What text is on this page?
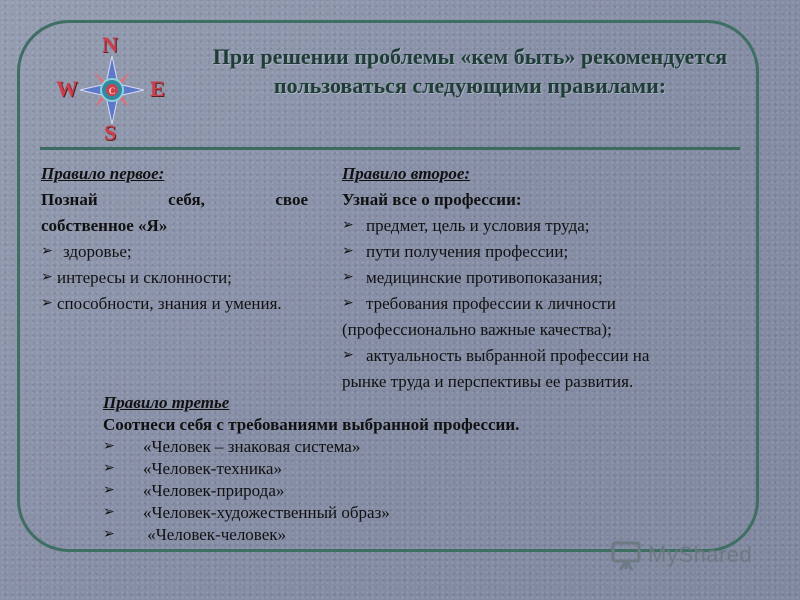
C
N
S
W	E
При решении проблемы «кем быть» рекомендуется пользоваться следующими правилами:
Правило первое:
Познай себя, свое
собственное «Я»
➢ здоровье;
➢ интересы и склонности;
➢ способности, знания и умения.
Правило второе:
Узнай все о профессии:
➢ предмет, цель и условия труда;
➢ пути получения профессии;
➢ медицинские противопоказания;
➢ требования профессии к личности
(профессионально важные качества);
➢ актуальность выбранной профессии на
рынке труда и перспективы ее развития.
Правило третье
Соотнеси себя с требованиями выбранной профессии.
➢ «Человек – знаковая система»
➢ «Человек-техника»
➢ «Человек-природа»
➢ «Человек-художественный образ»
➢ «Человек-человек»
MyShared
